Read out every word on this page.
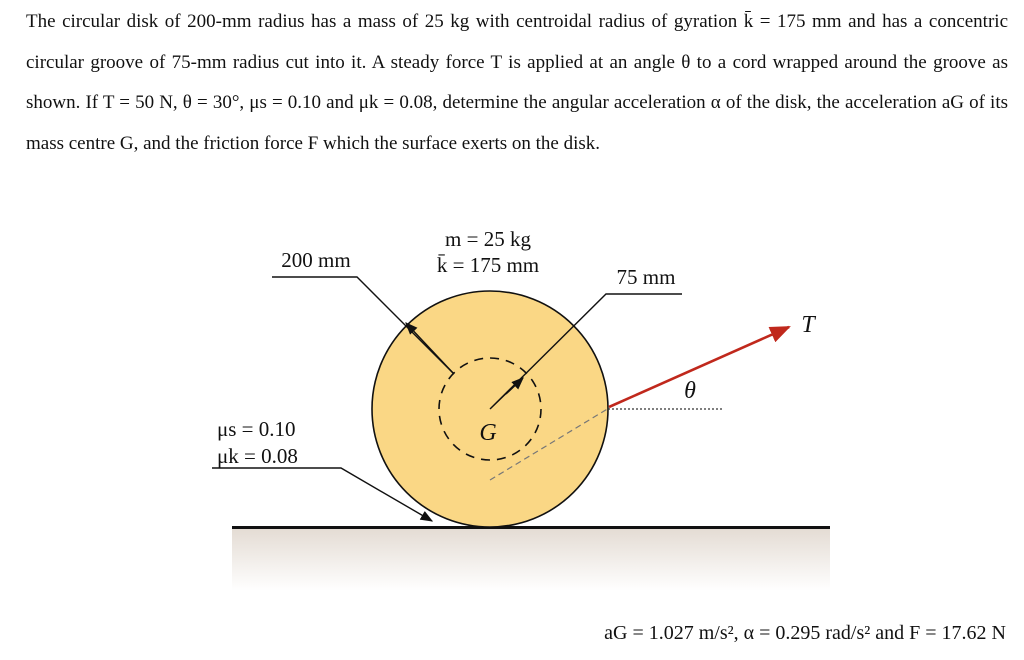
The circular disk of 200-mm radius has a mass of 25 kg with centroidal radius of gyration k̄ = 175 mm and has a concentric circular groove of 75-mm radius cut into it. A steady force T is applied at an angle θ to a cord wrapped around the groove as shown. If T = 50 N, θ = 30°, μs = 0.10 and μk = 0.08, determine the angular acceleration α of the disk, the acceleration aG of its mass centre G, and the friction force F which the surface exerts on the disk.

200 mm
m = 25 kg
k̄ = 175 mm	75 mm
G
T
θ
μs = 0.10
μk = 0.08
aG = 1.027 m/s², α = 0.295 rad/s² and F = 17.62 N
